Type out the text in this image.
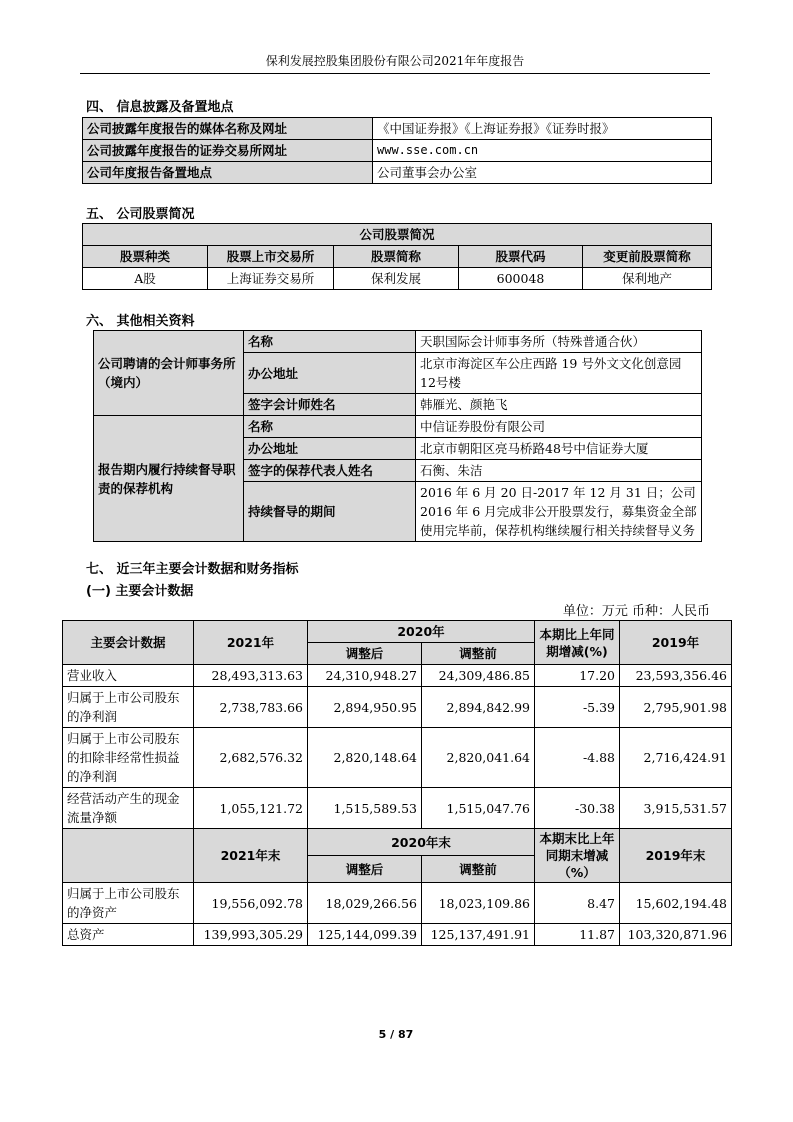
保利发展控股集团股份有限公司2021年年度报告
四、 信息披露及备置地点
公司披露年度报告的媒体名称及网址	《中国证券报》《上海证券报》《证券时报》
公司披露年度报告的证券交易所网址	www.sse.com.cn
公司年度报告备置地点	公司董事会办公室
五、 公司股票简况
公司股票简况				
股票种类	股票上市交易所	股票简称	股票代码	变更前股票简称
A股	上海证券交易所	保利发展	600048	保利地产
六、 其他相关资料
公司聘请的会计师事务所（境内）	名称	天职国际会计师事务所（特殊普通合伙）
	办公地址	北京市海淀区车公庄西路 19 号外文文化创意园12号楼
	签字会计师姓名	韩雁光、颜艳飞
报告期内履行持续督导职责的保荐机构	名称	中信证券股份有限公司
	办公地址	北京市朝阳区亮马桥路48号中信证券大厦
	签字的保荐代表人姓名	石衡、朱洁
	持续督导的期间	2016 年 6 月 20 日-2017 年 12 月 31 日；公司 2016 年 6 月完成非公开股票发行，募集资金全部使用完毕前，保荐机构继续履行相关持续督导义务
七、 近三年主要会计数据和财务指标
(一) 主要会计数据
单位：万元 币种：人民币
主要会计数据	2021年	2020年		本期比上年同期增减(%)	2019年
		调整后	调整前		
营业收入	28,493,313.63	24,310,948.27	24,309,486.85	17.20	23,593,356.46
归属于上市公司股东的净利润	2,738,783.66	2,894,950.95	2,894,842.99	-5.39	2,795,901.98
归属于上市公司股东的扣除非经常性损益的净利润	2,682,576.32	2,820,148.64	2,820,041.64	-4.88	2,716,424.91
经营活动产生的现金流量净额	1,055,121.72	1,515,589.53	1,515,047.76	-30.38	3,915,531.57
	2021年末	2020年末		本期末比上年同期末增减（%）	2019年末
		调整后	调整前		
归属于上市公司股东的净资产	19,556,092.78	18,029,266.56	18,023,109.86	8.47	15,602,194.48
总资产	139,993,305.29	125,144,099.39	125,137,491.91	11.87	103,320,871.96
5 / 87
